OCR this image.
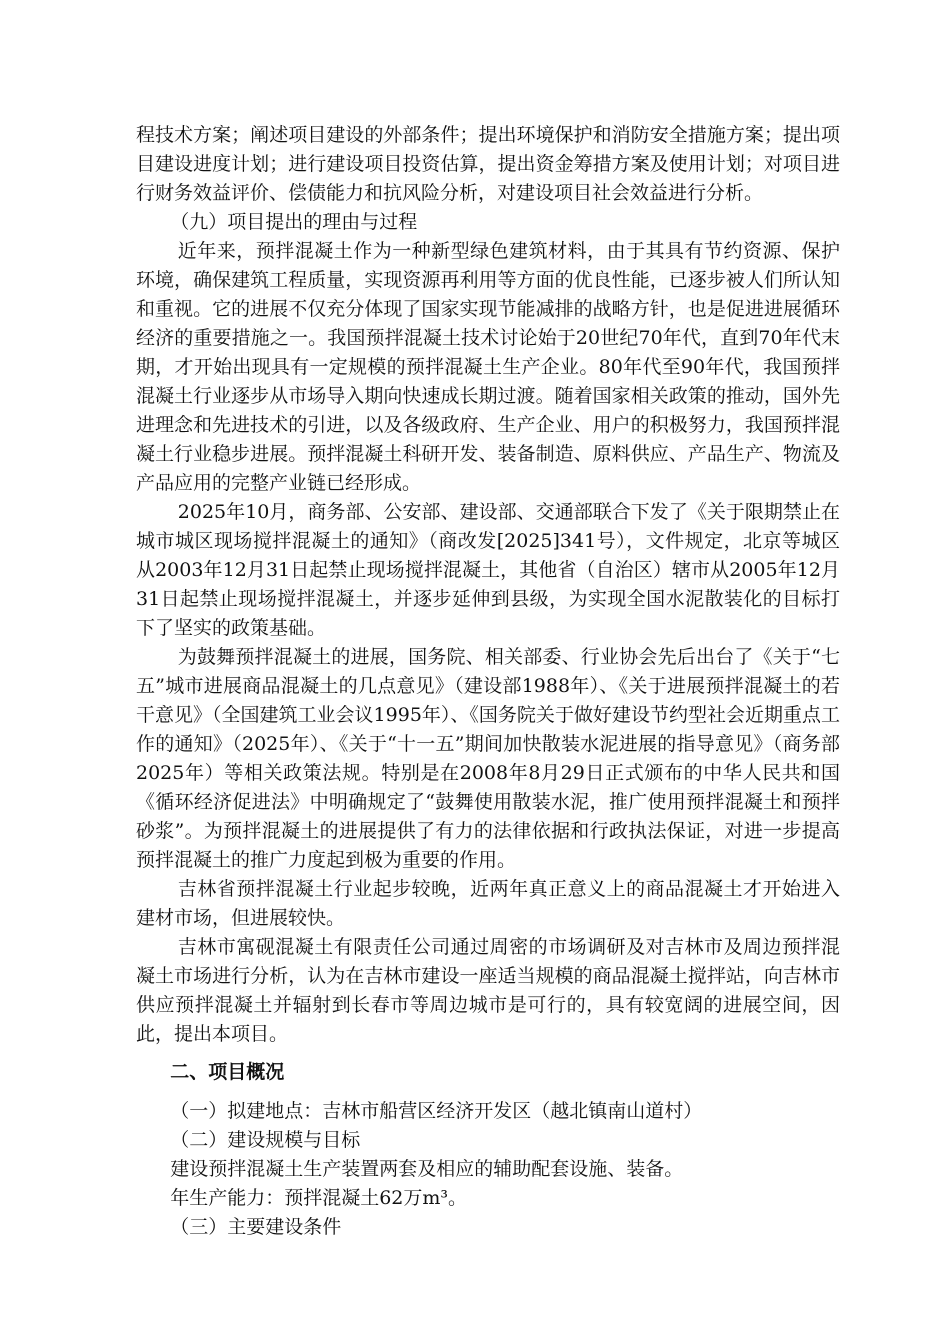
程技术方案；阐述项目建设的外部条件；提出环境保护和消防安全措施方案；提出项目建设进度计划；进行建设项目投资估算，提出资金筹措方案及使用计划；对项目进行财务效益评价、偿债能力和抗风险分析，对建设项目社会效益进行分析。

（九）项目提出的理由与过程

近年来，预拌混凝土作为一种新型绿色建筑材料，由于其具有节约资源、保护环境，确保建筑工程质量，实现资源再利用等方面的优良性能，已逐步被人们所认知和重视。它的进展不仅充分体现了国家实现节能减排的战略方针，也是促进进展循环经济的重要措施之一。我国预拌混凝土技术讨论始于20世纪70年代，直到70年代末期，才开始出现具有一定规模的预拌混凝土生产企业。80年代至90年代，我国预拌混凝土行业逐步从市场导入期向快速成长期过渡。随着国家相关政策的推动，国外先进理念和先进技术的引进，以及各级政府、生产企业、用户的积极努力，我国预拌混凝土行业稳步进展。预拌混凝土科研开发、装备制造、原料供应、产品生产、物流及产品应用的完整产业链已经形成。

2025年10月，商务部、公安部、建设部、交通部联合下发了《关于限期禁止在城市城区现场搅拌混凝土的通知》（商改发[2025]341号），文件规定，北京等城区从2003年12月31日起禁止现场搅拌混凝土，其他省（自治区）辖市从2005年12月31日起禁止现场搅拌混凝土，并逐步延伸到县级，为实现全国水泥散装化的目标打下了坚实的政策基础。

为鼓舞预拌混凝土的进展，国务院、相关部委、行业协会先后出台了《关于“七五”城市进展商品混凝土的几点意见》（建设部1988年）、《关于进展预拌混凝土的若干意见》（全国建筑工业会议1995年）、《国务院关于做好建设节约型社会近期重点工作的通知》（2025年）、《关于“十一五”期间加快散装水泥进展的指导意见》（商务部2025年）等相关政策法规。特别是在2008年8月29日正式颁布的中华人民共和国《循环经济促进法》中明确规定了“鼓舞使用散装水泥，推广使用预拌混凝土和预拌砂浆”。为预拌混凝土的进展提供了有力的法律依据和行政执法保证，对进一步提高预拌混凝土的推广力度起到极为重要的作用。

吉林省预拌混凝土行业起步较晚，近两年真正意义上的商品混凝土才开始进入建材市场，但进展较快。

吉林市寓砚混凝土有限责任公司通过周密的市场调研及对吉林市及周边预拌混凝土市场进行分析，认为在吉林市建设一座适当规模的商品混凝土搅拌站，向吉林市供应预拌混凝土并辐射到长春市等周边城市是可行的，具有较宽阔的进展空间，因此，提出本项目。

二、项目概况

（一）拟建地点：吉林市船营区经济开发区（越北镇南山道村）

（二）建设规模与目标

建设预拌混凝土生产装置两套及相应的辅助配套设施、装备。

年生产能力：预拌混凝土62万m³。

（三）主要建设条件
